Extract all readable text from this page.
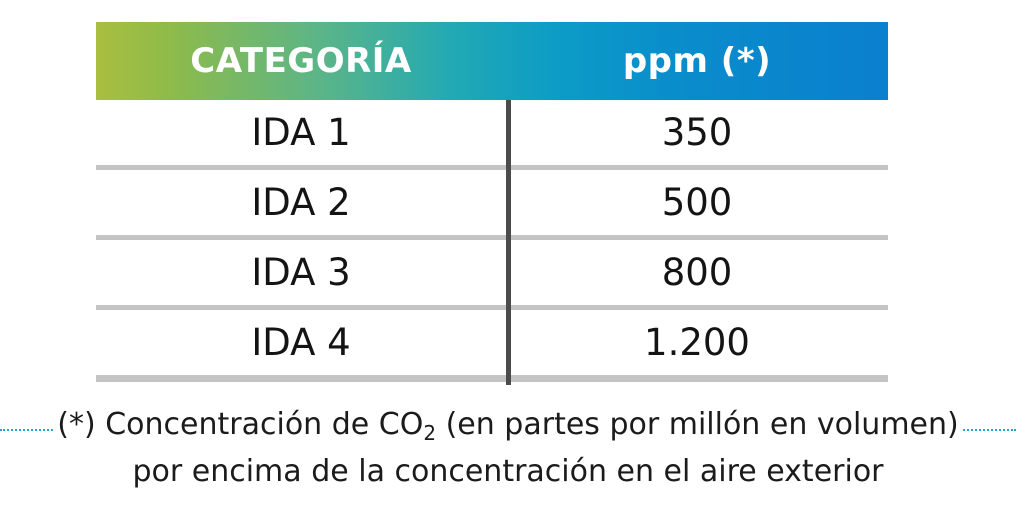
CATEGORÍA	ppm (*)
IDA 1	350
IDA 2	500
IDA 3	800
IDA 4	1.200
(*) Concentración de $CO_2$ (en partes por millón en volumen)
por encima de la concentración en el aire exterior
